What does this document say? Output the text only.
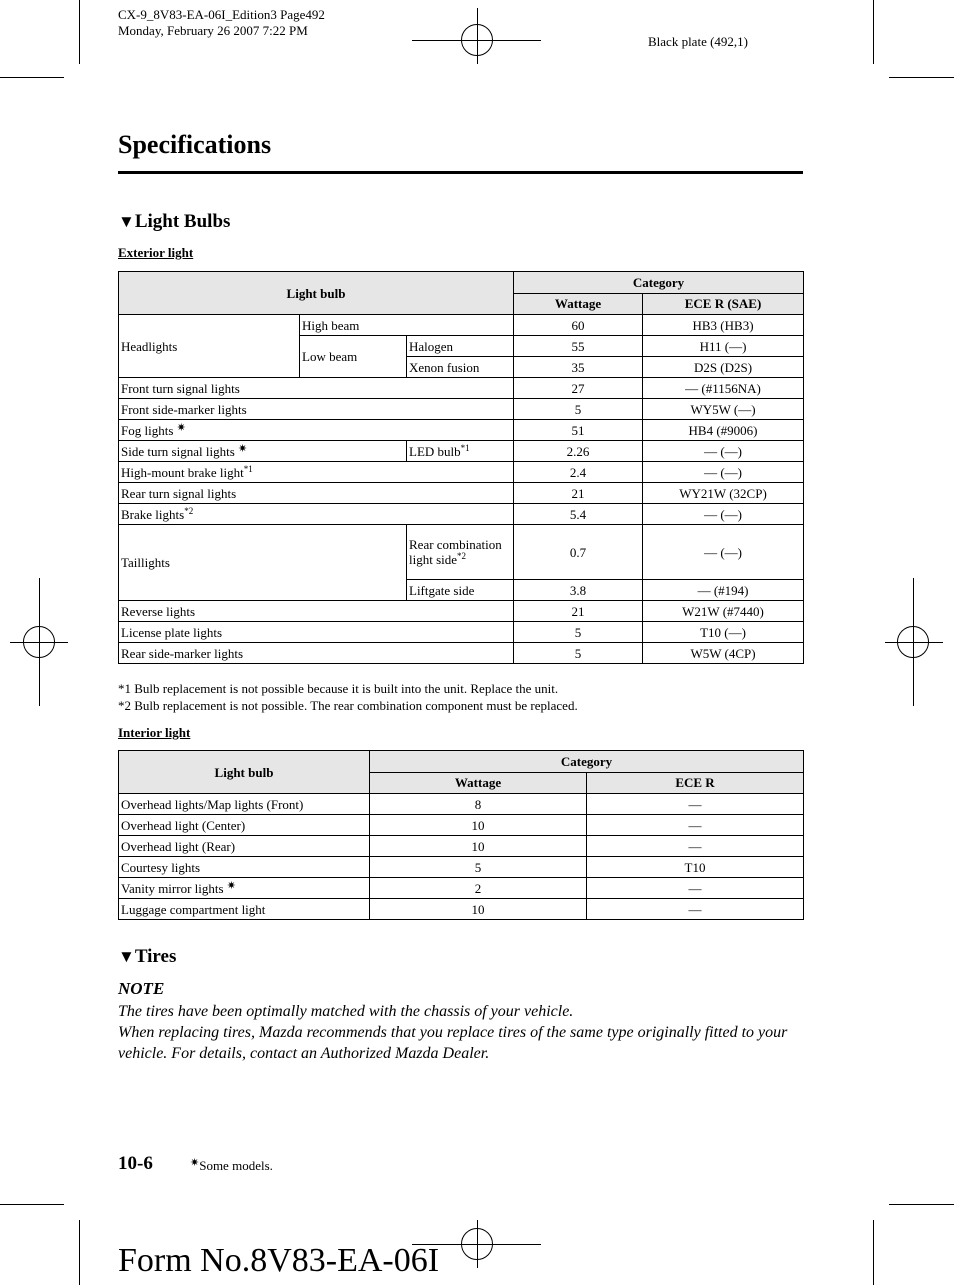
CX-9_8V83-EA-06I_Edition3 Page492
Monday, February 26 2007 7:22 PM
Black plate (492,1)
Specifications
▼Light Bulbs
Exterior light
Light bulb			Category	
			Wattage	ECE R (SAE)
Headlights	High beam		60	HB3 (HB3)
	Low beam	Halogen	55	H11 (—)
		Xenon fusion	35	D2S (D2S)
Front turn signal lights			27	— (#1156NA)
Front side-marker lights			5	WY5W (—)
Fog lights ✷			51	HB4 (#9006)
Side turn signal lights ✷		LED bulb$^{*1}$	2.26	— (—)
High-mount brake light$^{*1}$			2.4	— (—)
Rear turn signal lights			21	WY21W (32CP)
Brake lights$^{*2}$			5.4	— (—)
Taillights		Rear combination light side$^{*2}$	0.7	— (—)
		Liftgate side	3.8	— (#194)
Reverse lights			21	W21W (#7440)
License plate lights			5	T10 (—)
Rear side-marker lights			5	W5W (4CP)
*1 Bulb replacement is not possible because it is built into the unit. Replace the unit.
*2 Bulb replacement is not possible. The rear combination component must be replaced.
Interior light
Light bulb	Category	
	Wattage	ECE R
Overhead lights/Map lights (Front)	8	—
Overhead light (Center)	10	—
Overhead light (Rear)	10	—
Courtesy lights	5	T10
Vanity mirror lights ✷	2	—
Luggage compartment light	10	—
▼Tires
NOTE
The tires have been optimally matched with the chassis of your vehicle.
When replacing tires, Mazda recommends that you replace tires of the same type originally fitted to your vehicle. For details, contact an Authorized Mazda Dealer.
10-6	✷Some models.
Form No.8V83-EA-06I
